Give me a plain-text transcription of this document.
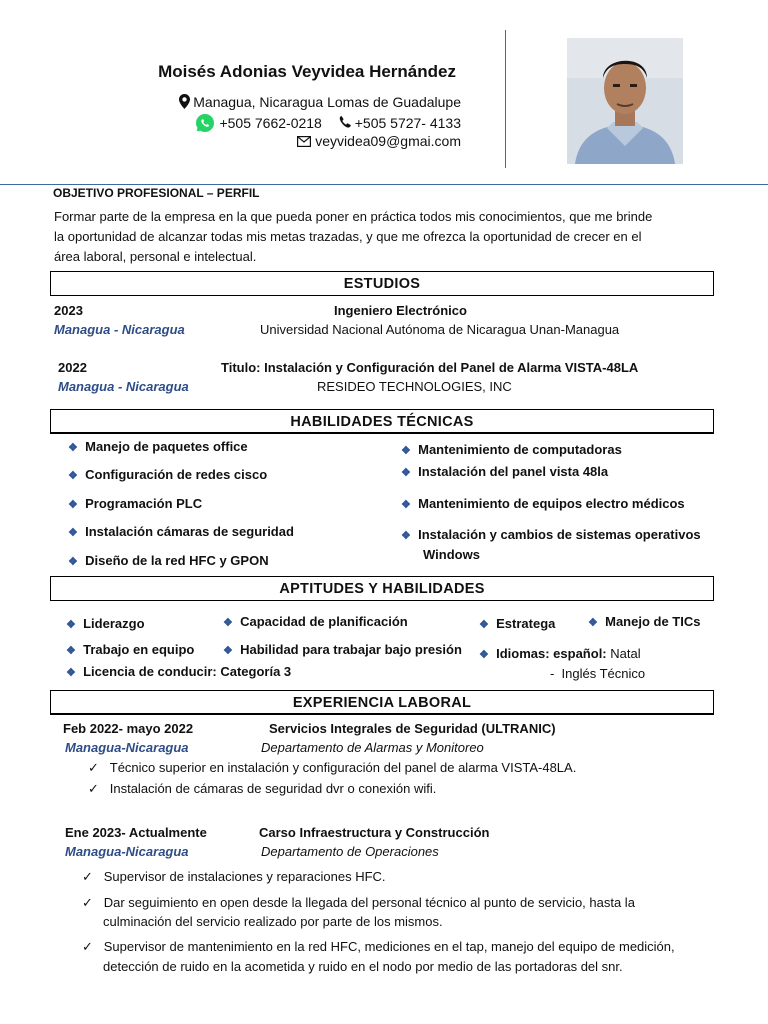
Moisés Adonias Veyvidea Hernández
Managua, Nicaragua Lomas de Guadalupe
+505 7662-0218 +505 5727- 4133
veyvidea09@gmai.com
OBJETIVO PROFESIONAL – PERFIL
Formar parte de la empresa en la que pueda poner en práctica todos mis conocimientos, que me brinde
la oportunidad de alcanzar todas mis metas trazadas, y que me ofrezca la oportunidad de crecer en el
área laboral, personal e intelectual.
ESTUDIOS
2023	Ingeniero Electrónico
Managua - Nicaragua	Universidad Nacional Autónoma de Nicaragua Unan-Managua
2022	Titulo: Instalación y Configuración del Panel de Alarma VISTA-48LA
Managua - Nicaragua	RESIDEO TECHNOLOGIES, INC
HABILIDADES TÉCNICAS
❖ Manejo de paquetes office
❖ Configuración de redes cisco
❖ Programación PLC
❖ Instalación cámaras de seguridad
❖ Diseño de la red HFC y GPON
❖ Mantenimiento de computadoras
❖ Instalación del panel vista 48la
❖ Mantenimiento de equipos electro médicos
❖ Instalación y cambios de sistemas operativos
Windows
APTITUDES Y HABILIDADES
❖ Liderazgo	❖ Capacidad de planificación	❖ Estratega	❖ Manejo de TICs
❖ Trabajo en equipo	❖ Habilidad para trabajar bajo presión ❖ Idiomas: español: Natal
❖ Licencia de conducir: Categoría 3	-  Inglés Técnico
EXPERIENCIA LABORAL
Feb 2022- mayo 2022	Servicios Integrales de Seguridad (ULTRANIC)
Managua-Nicaragua	Departamento de Alarmas y Monitoreo
✓ Técnico superior en instalación y configuración del panel de alarma VISTA-48LA.
✓ Instalación de cámaras de seguridad dvr o conexión wifi.
Ene 2023- Actualmente	Carso Infraestructura y Construcción
Managua-Nicaragua	Departamento de Operaciones
✓ Supervisor de instalaciones y reparaciones HFC.
✓ Dar seguimiento en open desde la llegada del personal técnico al punto de servicio, hasta la
culminación del servicio realizado por parte de los mismos.
✓ Supervisor de mantenimiento en la red HFC, mediciones en el tap, manejo del equipo de medición,
detección de ruido en la acometida y ruido en el nodo por medio de las portadoras del snr.
